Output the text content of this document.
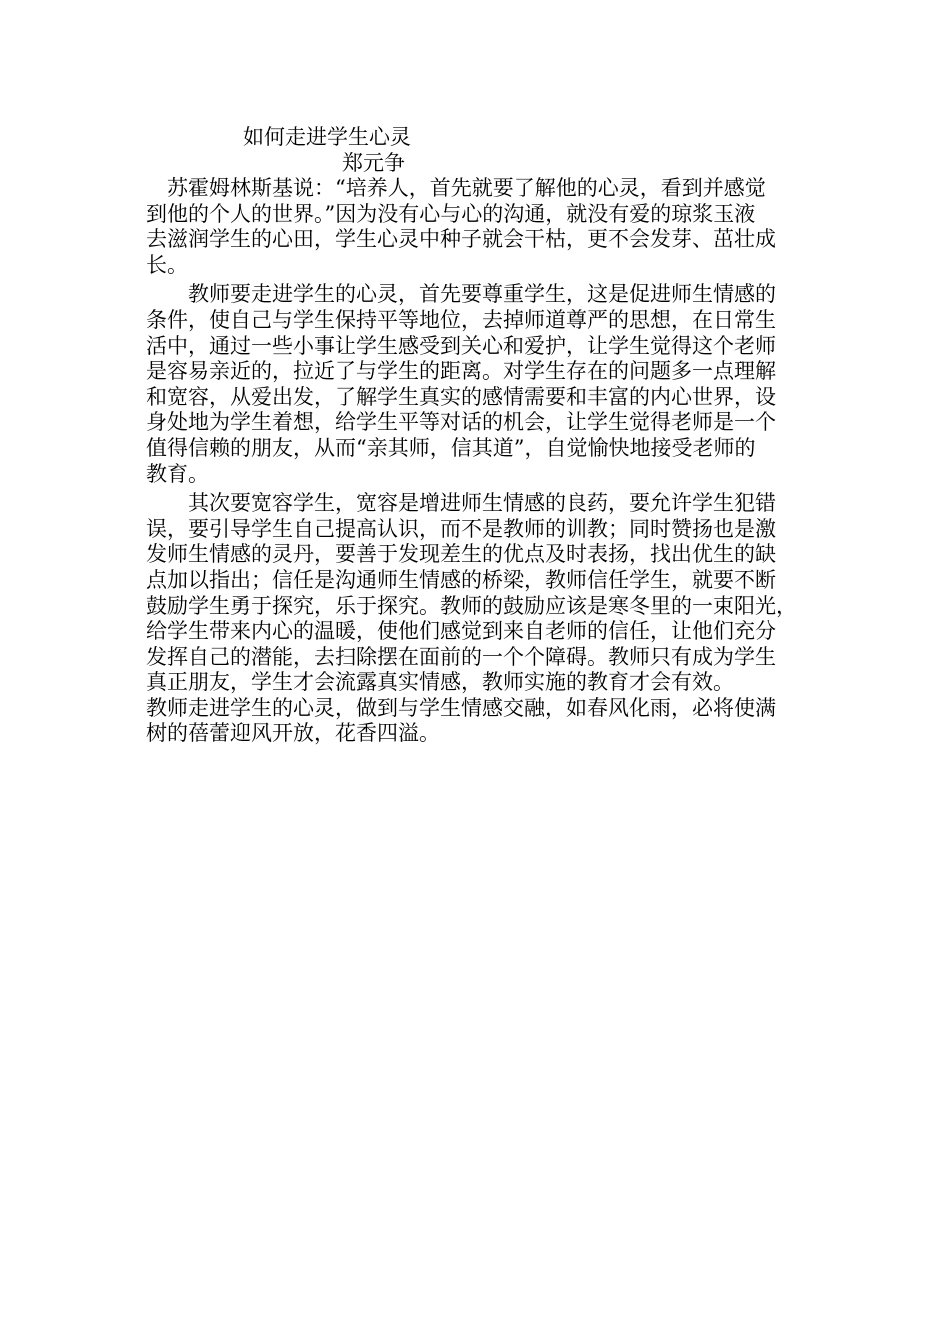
如何走进学生心灵
郑元争
　苏霍姆林斯基说：“培养人，首先就要了解他的心灵，看到并感觉
到他的个人的世界。”因为没有心与心的沟通，就没有爱的琼浆玉液
去滋润学生的心田，学生心灵中种子就会干枯，更不会发芽、茁壮成
长。
　　教师要走进学生的心灵，首先要尊重学生，这是促进师生情感的
条件，使自己与学生保持平等地位，去掉师道尊严的思想，在日常生
活中，通过一些小事让学生感受到关心和爱护，让学生觉得这个老师
是容易亲近的，拉近了与学生的距离。对学生存在的问题多一点理解
和宽容，从爱出发，了解学生真实的感情需要和丰富的内心世界，设
身处地为学生着想，给学生平等对话的机会，让学生觉得老师是一个
值得信赖的朋友，从而“亲其师，信其道”，自觉愉快地接受老师的
教育。
　　其次要宽容学生，宽容是增进师生情感的良药，要允许学生犯错
误，要引导学生自己提高认识，而不是教师的训教；同时赞扬也是激
发师生情感的灵丹，要善于发现差生的优点及时表扬，找出优生的缺
点加以指出；信任是沟通师生情感的桥梁，教师信任学生，就要不断
鼓励学生勇于探究，乐于探究。教师的鼓励应该是寒冬里的一束阳光，
给学生带来内心的温暖，使他们感觉到来自老师的信任，让他们充分
发挥自己的潜能，去扫除摆在面前的一个个障碍。教师只有成为学生
真正朋友，学生才会流露真实情感，教师实施的教育才会有效。
教师走进学生的心灵，做到与学生情感交融，如春风化雨，必将使满
树的蓓蕾迎风开放，花香四溢。
